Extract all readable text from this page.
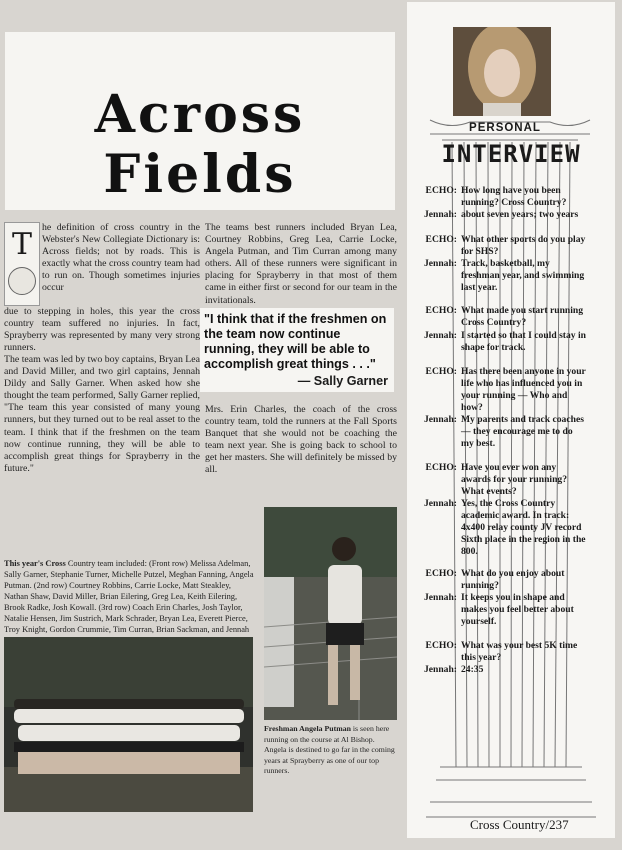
Across
Fields
T he definition of cross country in the Webster's New Collegiate Dictionary is: Across fields; not by roads. This is exactly what the cross country team had to run on. Though sometimes injuries occur
due to stepping in holes, this year the cross country team suffered no injuries. In fact, Sprayberry was represented by many very strong runners.
The team was led by two boy captains, Bryan Lea and David Miller, and two girl captains, Jennah Dildy and Sally Garner. When asked how she thought the team performed, Sally Garner replied, "The team this year consisted of many young runners, but they turned out to be real asset to the team. I think that if the freshmen on the team now continue running, they will be able to accomplish great things for Sprayberry in the future."
The teams best runners included Bryan Lea, Courtney Robbins, Greg Lea, Carrie Locke, Angela Putman, and Tim Curran among many others. All of these runners were significant in placing for Sprayberry in that most of them came in either first or second for our team in the invitationals.
"I think that if the freshmen on the team now continue running, they will be able to accomplish great things . . ."
— Sally Garner
Mrs. Erin Charles, the coach of the cross country team, told the runners at the Fall Sports Banquet that she would not be coaching the team next year. She is going back to school to get her masters. She will definitely be missed by all.
Freshman Angela Putman is seen here running on the course at Al Bishop. Angela is destined to go far in the coming years at Sprayberry as one of our top runners.
This year's Cross Country team included: (Front row) Melissa Adelman, Sally Garner, Stephanie Turner, Michelle Putzel, Meghan Fanning, Angela Putman. (2nd row) Courtney Robbins, Carrie Locke, Matt Steakley, Nathan Shaw, David Miller, Brian Eilering, Greg Lea, Keith Eilering, Brook Radke, Josh Kowall. (3rd row) Coach Erin Charles, Josh Taylor, Natalie Hensen, Jim Sustrich, Mark Schrader, Bryan Lea, Everett Pierce, Troy Knight, Gordon Crummie, Tim Curran, Brian Sackman, and Jennah
PERSONAL
INTERVIEW
ECHO: How long have you been running? Cross Country?
Jennah: about seven years; two years
ECHO: What other sports do you play for SHS?
Jennah: Track, basketball, my freshman year, and swimming last year.
ECHO: What made you start running Cross Country?
Jennah: I started so that I could stay in shape for track.
ECHO: Has there been anyone in your life who has influenced you in your running — Who and how?
Jennah: My parents and track coaches — they encourage me to do my best.
ECHO: Have you ever won any awards for your running? What events?
Jennah: Yes, the Cross Country academic award. In track: 4x400 relay county JV record Sixth place in the region in the 800.
ECHO: What do you enjoy about running?
Jennah: It keeps you in shape and makes you feel better about yourself.
ECHO: What was your best 5K time this year?
Jennah: 24:35
Cross Country/237
